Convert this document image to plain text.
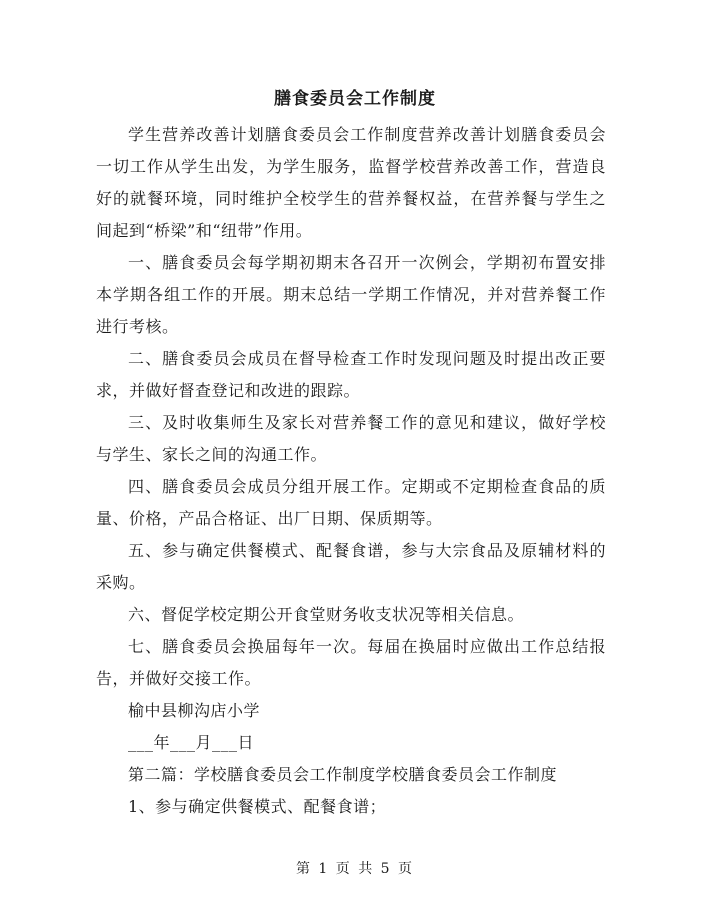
膳食委员会工作制度

学生营养改善计划膳食委员会工作制度营养改善计划膳食委员会一切工作从学生出发，为学生服务，监督学校营养改善工作，营造良好的就餐环境，同时维护全校学生的营养餐权益，在营养餐与学生之间起到“桥梁”和“纽带”作用。

一、膳食委员会每学期初期末各召开一次例会，学期初布置安排本学期各组工作的开展。期末总结一学期工作情况，并对营养餐工作进行考核。

二、膳食委员会成员在督导检查工作时发现问题及时提出改正要求，并做好督查登记和改进的跟踪。

三、及时收集师生及家长对营养餐工作的意见和建议，做好学校与学生、家长之间的沟通工作。

四、膳食委员会成员分组开展工作。定期或不定期检查食品的质量、价格，产品合格证、出厂日期、保质期等。

五、参与确定供餐模式、配餐食谱，参与大宗食品及原辅材料的采购。

六、督促学校定期公开食堂财务收支状况等相关信息。

七、膳食委员会换届每年一次。每届在换届时应做出工作总结报告，并做好交接工作。

榆中县柳沟店小学

___年___月___日

第二篇：学校膳食委员会工作制度学校膳食委员会工作制度

1、参与确定供餐模式、配餐食谱；

第 1 页 共 5 页
